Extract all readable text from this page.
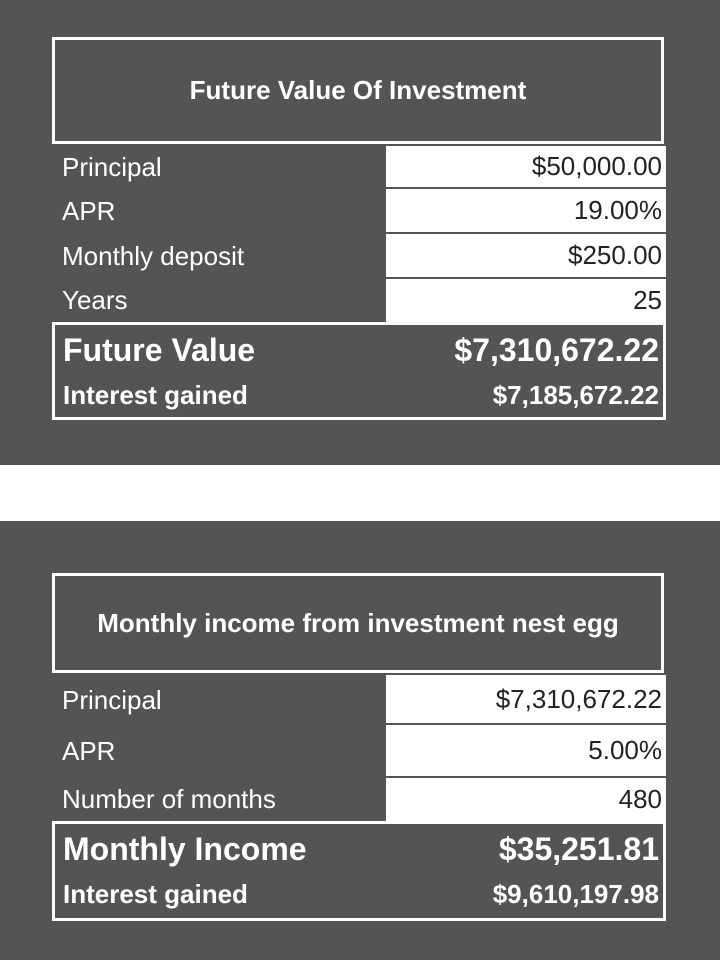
Future Value Of Investment
Principal	$50,000.00
APR	19.00%
Monthly deposit	$250.00
Years	25
Future Value	$7,310,672.22
Interest gained	$7,185,672.22
Monthly income from investment nest egg
Principal	$7,310,672.22
APR	5.00%
Number of months	480
Monthly Income	$35,251.81
Interest gained	$9,610,197.98
